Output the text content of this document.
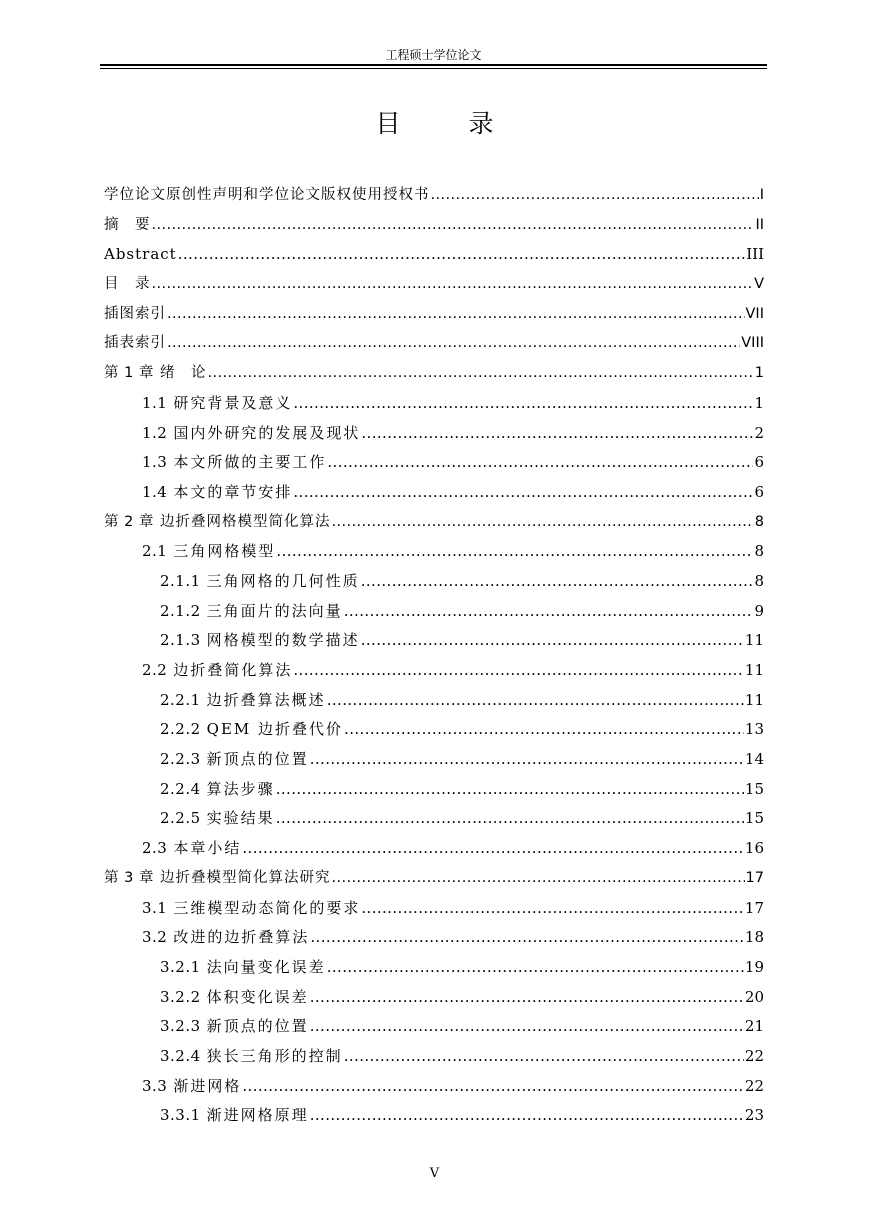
工程硕士学位论文
目 录
学位论文原创性声明和学位论文版权使用授权书 .....	I
摘　要 .....	II
Abstract .....	III
目　录 .....	V
插图索引 .....	VII
插表索引 .....	VIII
第 1 章 绪　论 .....	1
1.1 研究背景及意义 .....	1
1.2 国内外研究的发展及现状 .....	2
1.3 本文所做的主要工作 .....	6
1.4 本文的章节安排 .....	6
第 2 章 边折叠网格模型简化算法 .....	8
2.1 三角网格模型 .....	8
2.1.1 三角网格的几何性质 .....	8
2.1.2 三角面片的法向量 .....	9
2.1.3 网格模型的数学描述 .....	11
2.2 边折叠简化算法 .....	11
2.2.1 边折叠算法概述 .....	11
2.2.2 QEM 边折叠代价 .....	13
2.2.3 新顶点的位置 .....	14
2.2.4 算法步骤 .....	15
2.2.5 实验结果 .....	15
2.3 本章小结 .....	16
第 3 章 边折叠模型简化算法研究 .....	17
3.1 三维模型动态简化的要求 .....	17
3.2 改进的边折叠算法 .....	18
3.2.1 法向量变化误差 .....	19
3.2.2 体积变化误差 .....	20
3.2.3 新顶点的位置 .....	21
3.2.4 狭长三角形的控制 .....	22
3.3 渐进网格 .....	22
3.3.1 渐进网格原理 .....	23
V
